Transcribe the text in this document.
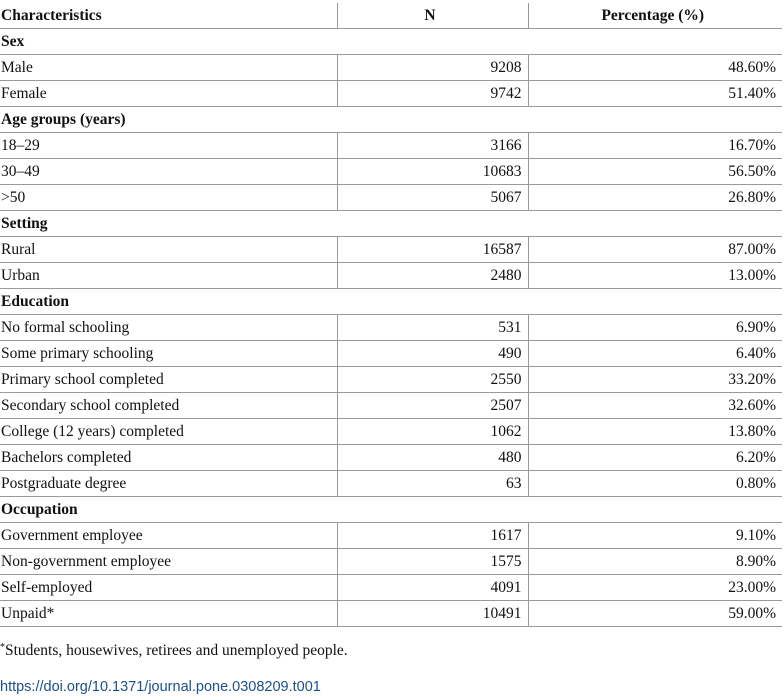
Characteristics	N	Percentage (%)
Sex		
Male	9208	48.60%
Female	9742	51.40%
Age groups (years)		
18–29	3166	16.70%
30–49	10683	56.50%
>50	5067	26.80%
Setting		
Rural	16587	87.00%
Urban	2480	13.00%
Education		
No formal schooling	531	6.90%
Some primary schooling	490	6.40%
Primary school completed	2550	33.20%
Secondary school completed	2507	32.60%
College (12 years) completed	1062	13.80%
Bachelors completed	480	6.20%
Postgraduate degree	63	0.80%
Occupation		
Government employee	1617	9.10%
Non-government employee	1575	8.90%
Self-employed	4091	23.00%
Unpaid*	10491	59.00%
*Students, housewives, retirees and unemployed people.
https://doi.org/10.1371/journal.pone.0308209.t001
